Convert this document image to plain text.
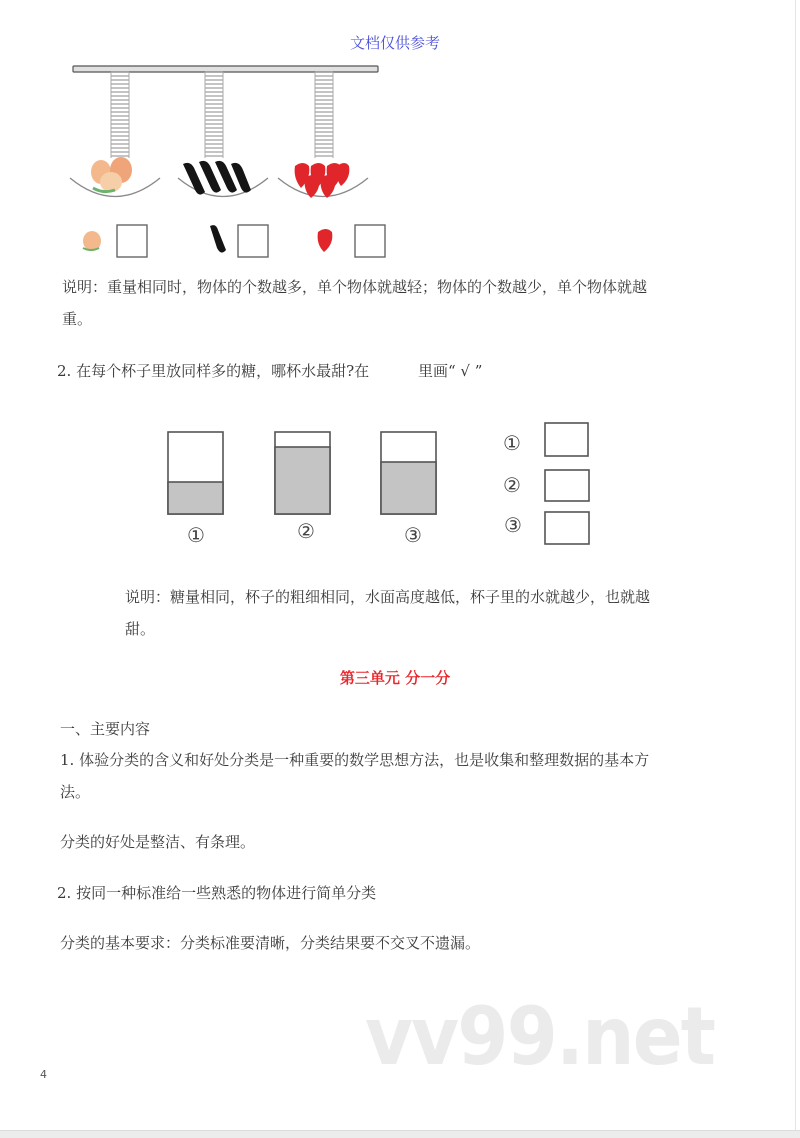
文档仅供参考
说明：重量相同时，物体的个数越多，单个物体就越轻；物体的个数越少，单个物体就越
重。
2. 在每个杯子里放同样多的糖，哪杯水最甜?在	里画“ √ ”
①	②	③
①
②
③
说明：糖量相同，杯子的粗细相同，水面高度越低，杯子里的水就越少，也就越
甜。
第三单元 分一分
一、主要内容
1. 体验分类的含义和好处分类是一种重要的数学思想方法，也是收集和整理数据的基本方
法。
分类的好处是整洁、有条理。
2. 按同一种标准给一些熟悉的物体进行简单分类
分类的基本要求：分类标准要清晰，分类结果要不交叉不遗漏。
vv99.net
4
